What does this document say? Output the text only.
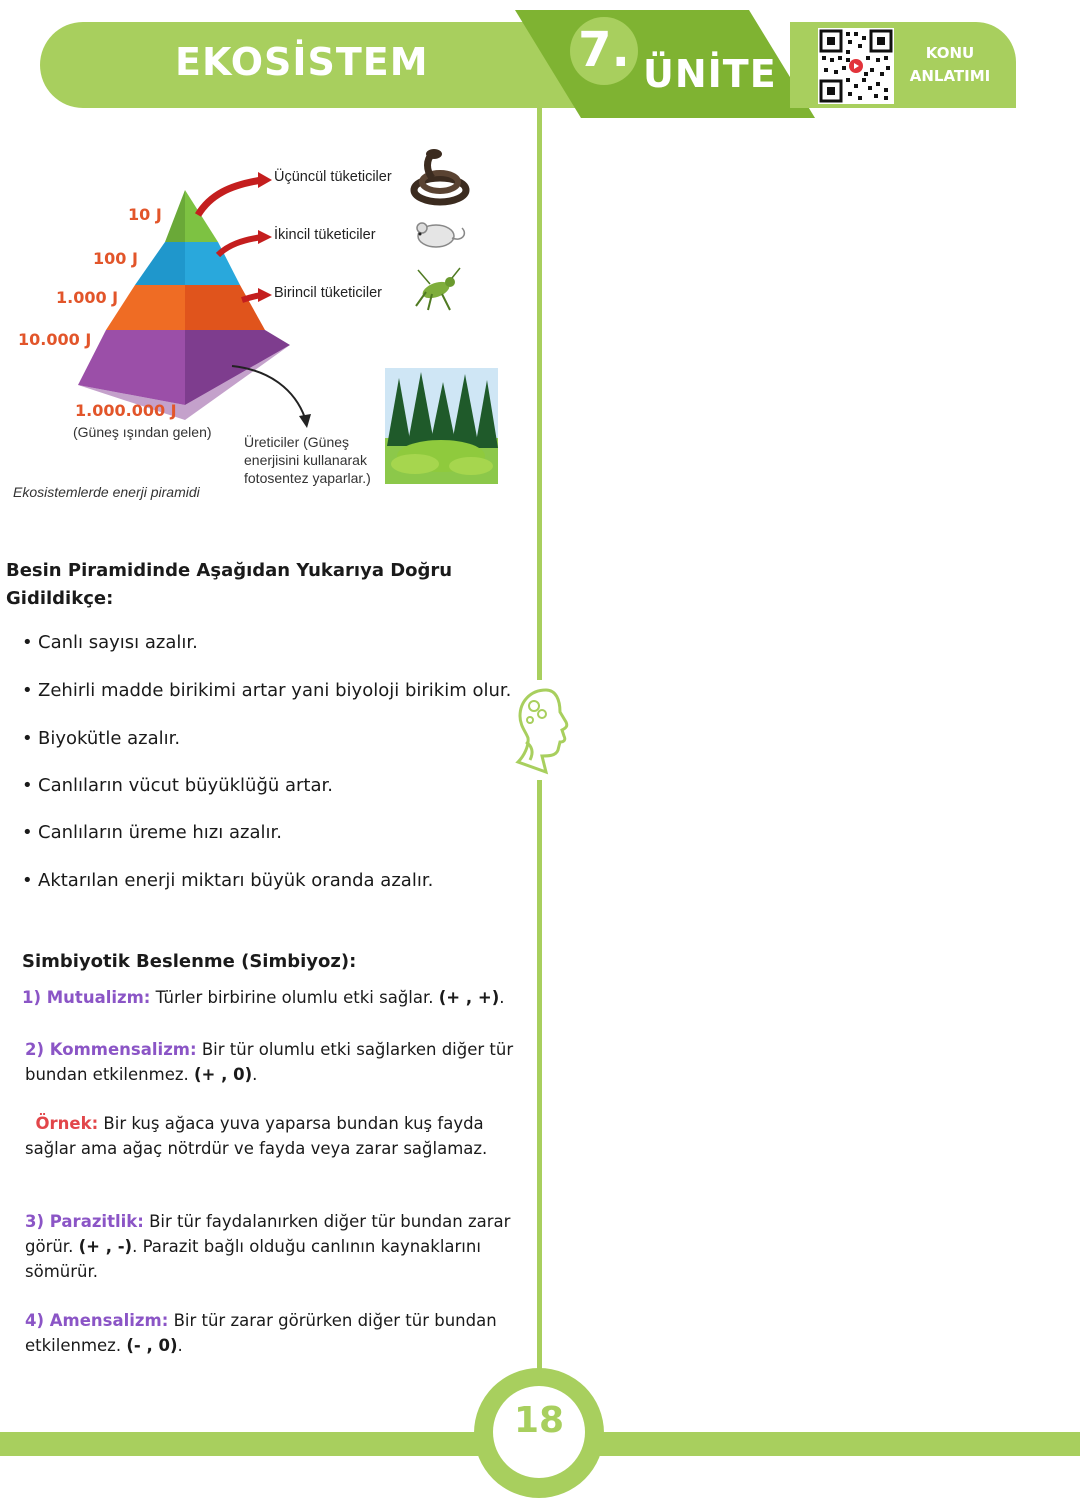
EKOSİSTEM	7. ÜNİTE	KONU
ANLATIMI
10 J
100 J
1.000 J
10.000 J
1.000.000 J
(Güneş ışından gelen)
Üçüncül tüketiciler
İkincil tüketiciler
Birincil tüketiciler
Üreticiler (Güneş
enerjisini kullanarak
fotosentez yaparlar.)
Ekosistemlerde enerji piramidi
Besin Piramidinde Aşağıdan Yukarıya Doğru
Gidildikçe:
• Canlı sayısı azalır.
• Zehirli madde birikimi artar yani biyoloji birikim olur.
• Biyokütle azalır.
• Canlıların vücut büyüklüğü artar.
• Canlıların üreme hızı azalır.
• Aktarılan enerji miktarı büyük oranda azalır.
Simbiyotik Beslenme (Simbiyoz):
1) Mutualizm: Türler birbirine olumlu etki sağlar. (+ , +).
2) Kommensalizm: Bir tür olumlu etki sağlarken diğer tür
bundan etkilenmez. (+ , 0).
Örnek: Bir kuş ağaca yuva yaparsa bundan kuş fayda
sağlar ama ağaç nötrdür ve fayda veya zarar sağlamaz.
3) Parazitlik: Bir tür faydalanırken diğer tür bundan zarar
görür. (+ , -). Parazit bağlı olduğu canlının kaynaklarını
sömürür.
4) Amensalizm: Bir tür zarar görürken diğer tür bundan
etkilenmez. (- , 0).
18
